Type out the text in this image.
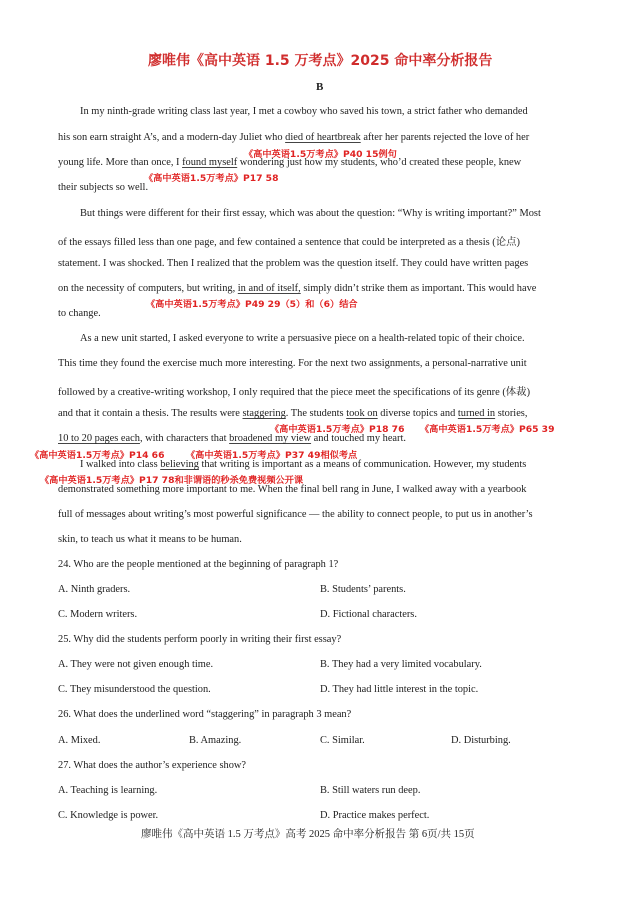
廖唯伟《高中英语 1.5 万考点》2025 命中率分析报告
B
In my ninth-grade writing class last year, I met a cowboy who saved his town, a strict father who demanded
his son earn straight A’s, and a modern-day Juliet who died of heartbreak after her parents rejected the love of her
《高中英语1.5万考点》P40 15例句
young life. More than once, I found myself wondering just how my students, who’d created these people, knew
《高中英语1.5万考点》P17 58
their subjects so well.
But things were different for their first essay, which was about the question: “Why is writing important?” Most
of the essays filled less than one page, and few contained a sentence that could be interpreted as a thesis (论点)
statement. I was shocked. Then I realized that the problem was the question itself. They could have written pages
on the necessity of computers, but writing, in and of itself, simply didn’t strike them as important. This would have
《高中英语1.5万考点》P49 29（5）和（6）结合
to change.
As a new unit started, I asked everyone to write a persuasive piece on a health-related topic of their choice.
This time they found the exercise much more interesting. For the next two assignments, a personal-narrative unit
followed by a creative-writing workshop, I only required that the piece meet the specifications of its genre (体裁)
and that it contain a thesis. The results were staggering. The students took on diverse topics and turned in stories,
《高中英语1.5万考点》P18 76 《高中英语1.5万考点》P65 39
10 to 20 pages each, with characters that broadened my view and touched my heart.
《高中英语1.5万考点》P14 66 《高中英语1.5万考点》P37 49相似考点
I walked into class believing that writing is important as a means of communication. However, my students
《高中英语1.5万考点》P17 78和非谓语的秒杀免费视频公开课
demonstrated something more important to me. When the final bell rang in June, I walked away with a yearbook
full of messages about writing’s most powerful significance — the ability to connect people, to put us in another’s
skin, to teach us what it means to be human.
24. Who are the people mentioned at the beginning of paragraph 1?
A. Ninth graders.	B. Students’ parents.
C. Modern writers.	D. Fictional characters.
25. Why did the students perform poorly in writing their first essay?
A. They were not given enough time.	B. They had a very limited vocabulary.
C. They misunderstood the question.	D. They had little interest in the topic.
26. What does the underlined word “staggering” in paragraph 3 mean?
A. Mixed.	B. Amazing.	C. Similar.	D. Disturbing.
27. What does the author’s experience show?
A. Teaching is learning.	B. Still waters run deep.
C. Knowledge is power.	D. Practice makes perfect.
廖唯伟《高中英语 1.5 万考点》高考 2025 命中率分析报告 第 6页/共 15页
